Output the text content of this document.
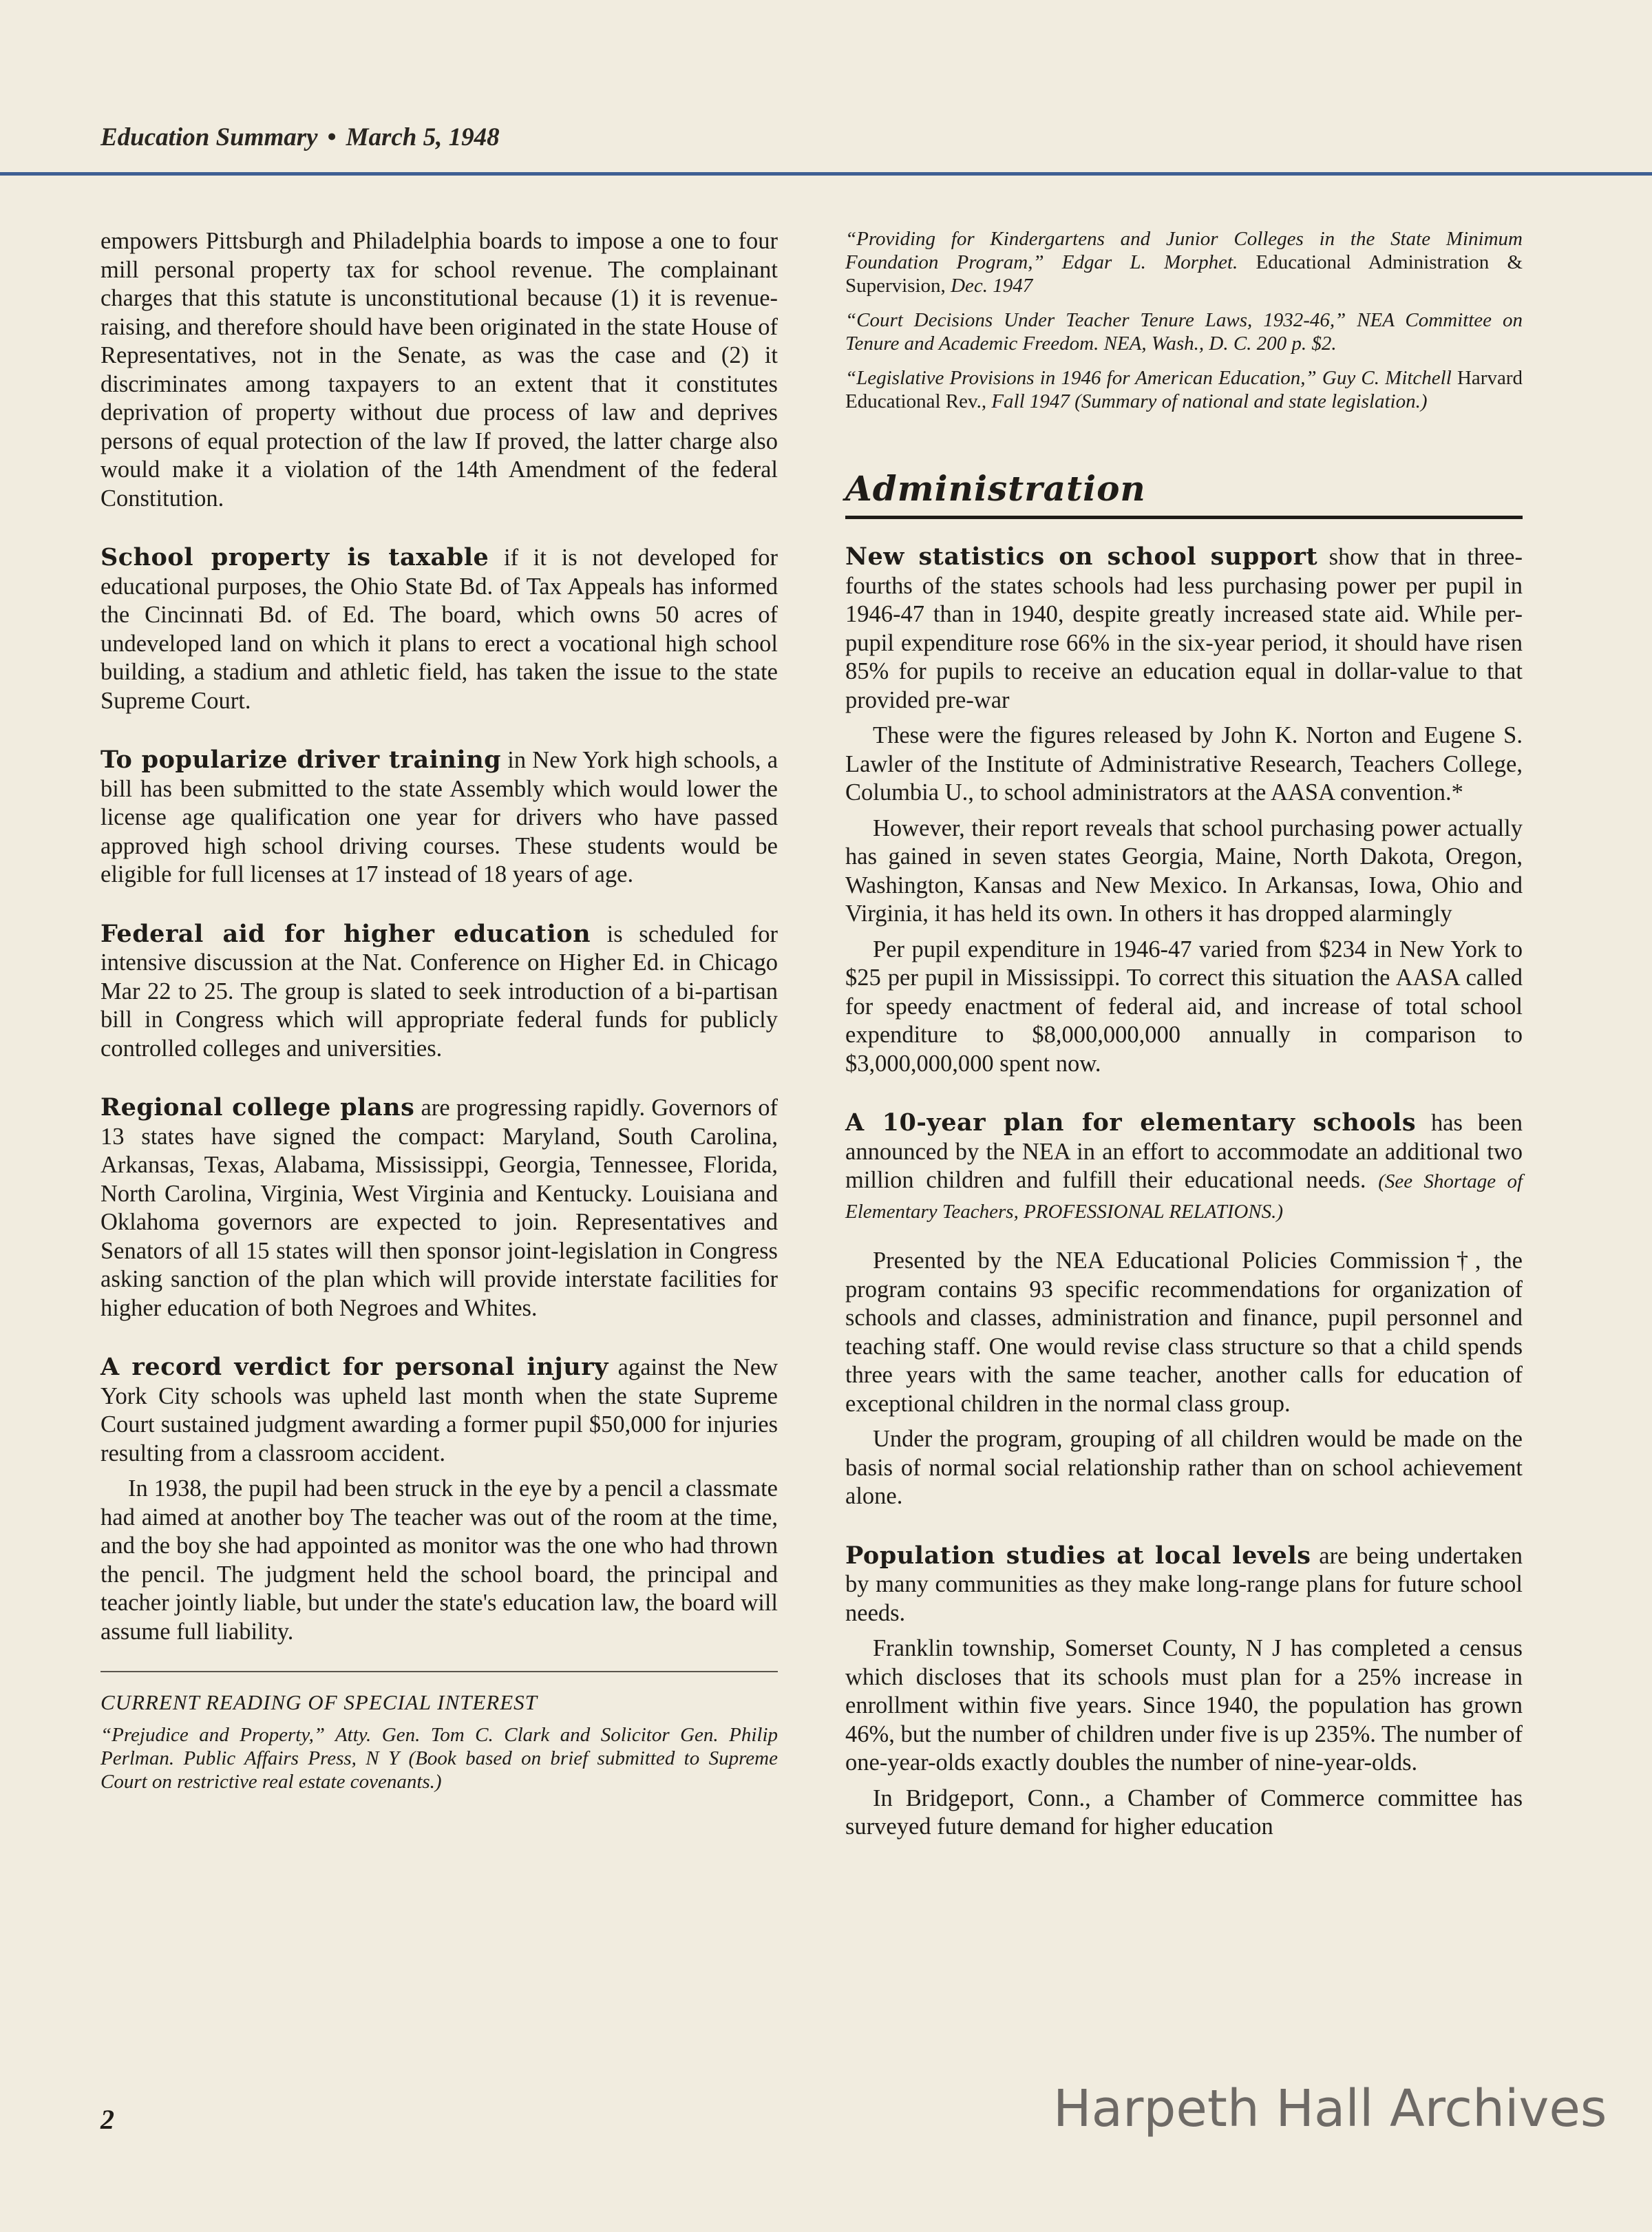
Education Summary • March 5, 1948

empowers Pittsburgh and Philadelphia boards to impose a one to four mill personal property tax for school revenue. The complainant charges that this statute is unconstitutional because (1) it is revenue-raising, and therefore should have been originated in the state House of Representatives, not in the Senate, as was the case and (2) it discriminates among taxpayers to an extent that it constitutes deprivation of property without due process of law and deprives persons of equal protection of the law If proved, the latter charge also would make it a violation of the 14th Amendment of the federal Constitution.

School property is taxable if it is not developed for educational purposes, the Ohio State Bd. of Tax Appeals has informed the Cincinnati Bd. of Ed. The board, which owns 50 acres of undeveloped land on which it plans to erect a vocational high school building, a stadium and athletic field, has taken the issue to the state Supreme Court.

To popularize driver training in New York high schools, a bill has been submitted to the state Assembly which would lower the license age qualification one year for drivers who have passed approved high school driving courses. These students would be eligible for full licenses at 17 instead of 18 years of age.

Federal aid for higher education is scheduled for intensive discussion at the Nat. Conference on Higher Ed. in Chicago Mar 22 to 25. The group is slated to seek introduction of a bi-partisan bill in Congress which will appropriate federal funds for publicly controlled colleges and universities.

Regional college plans are progressing rapidly. Governors of 13 states have signed the compact: Maryland, South Carolina, Arkansas, Texas, Alabama, Mississippi, Georgia, Tennessee, Florida, North Carolina, Virginia, West Virginia and Kentucky. Louisiana and Oklahoma governors are expected to join. Representatives and Senators of all 15 states will then sponsor joint-legislation in Congress asking sanction of the plan which will provide interstate facilities for higher education of both Negroes and Whites.

A record verdict for personal injury against the New York City schools was upheld last month when the state Supreme Court sustained judgment awarding a former pupil $50,000 for injuries resulting from a classroom accident.

In 1938, the pupil had been struck in the eye by a pencil a classmate had aimed at another boy The teacher was out of the room at the time, and the boy she had appointed as monitor was the one who had thrown the pencil. The judgment held the school board, the principal and teacher jointly liable, but under the state's education law, the board will assume full liability.

CURRENT READING OF SPECIAL INTEREST

“Prejudice and Property,” Atty. Gen. Tom C. Clark and Solicitor Gen. Philip Perlman. Public Affairs Press, N Y (Book based on brief submitted to Supreme Court on restrictive real estate covenants.)

“Providing for Kindergartens and Junior Colleges in the State Minimum Foundation Program,” Edgar L. Morphet. Educational Administration & Supervision, Dec. 1947

“Court Decisions Under Teacher Tenure Laws, 1932-46,” NEA Committee on Tenure and Academic Freedom. NEA, Wash., D. C. 200 p. $2.

“Legislative Provisions in 1946 for American Education,” Guy C. Mitchell Harvard Educational Rev., Fall 1947 (Summary of national and state legislation.)

Administration

New statistics on school support show that in three-fourths of the states schools had less purchasing power per pupil in 1946-47 than in 1940, despite greatly increased state aid. While per-pupil expenditure rose 66% in the six-year period, it should have risen 85% for pupils to receive an education equal in dollar-value to that provided pre-war

These were the figures released by John K. Norton and Eugene S. Lawler of the Institute of Administrative Research, Teachers College, Columbia U., to school administrators at the AASA convention.*

However, their report reveals that school purchasing power actually has gained in seven states Georgia, Maine, North Dakota, Oregon, Washington, Kansas and New Mexico. In Arkansas, Iowa, Ohio and Virginia, it has held its own. In others it has dropped alarmingly

Per pupil expenditure in 1946-47 varied from $234 in New York to $25 per pupil in Mississippi. To correct this situation the AASA called for speedy enactment of federal aid, and increase of total school expenditure to $8,000,000,000 annually in comparison to $3,000,000,000 spent now.

A 10-year plan for elementary schools has been announced by the NEA in an effort to accommodate an additional two million children and fulfill their educational needs. (See Shortage of Elementary Teachers, PROFESSIONAL RELATIONS.)

Presented by the NEA Educational Policies Commission†, the program contains 93 specific recommendations for organization of schools and classes, administration and finance, pupil personnel and teaching staff. One would revise class structure so that a child spends three years with the same teacher, another calls for education of exceptional children in the normal class group.

Under the program, grouping of all children would be made on the basis of normal social relationship rather than on school achievement alone.

Population studies at local levels are being undertaken by many communities as they make long-range plans for future school needs.

Franklin township, Somerset County, N J has completed a census which discloses that its schools must plan for a 25% increase in enrollment within five years. Since 1940, the population has grown 46%, but the number of children under five is up 235%. The number of one-year-olds exactly doubles the number of nine-year-olds.

In Bridgeport, Conn., a Chamber of Commerce committee has surveyed future demand for higher education

2	Harpeth Hall Archives
